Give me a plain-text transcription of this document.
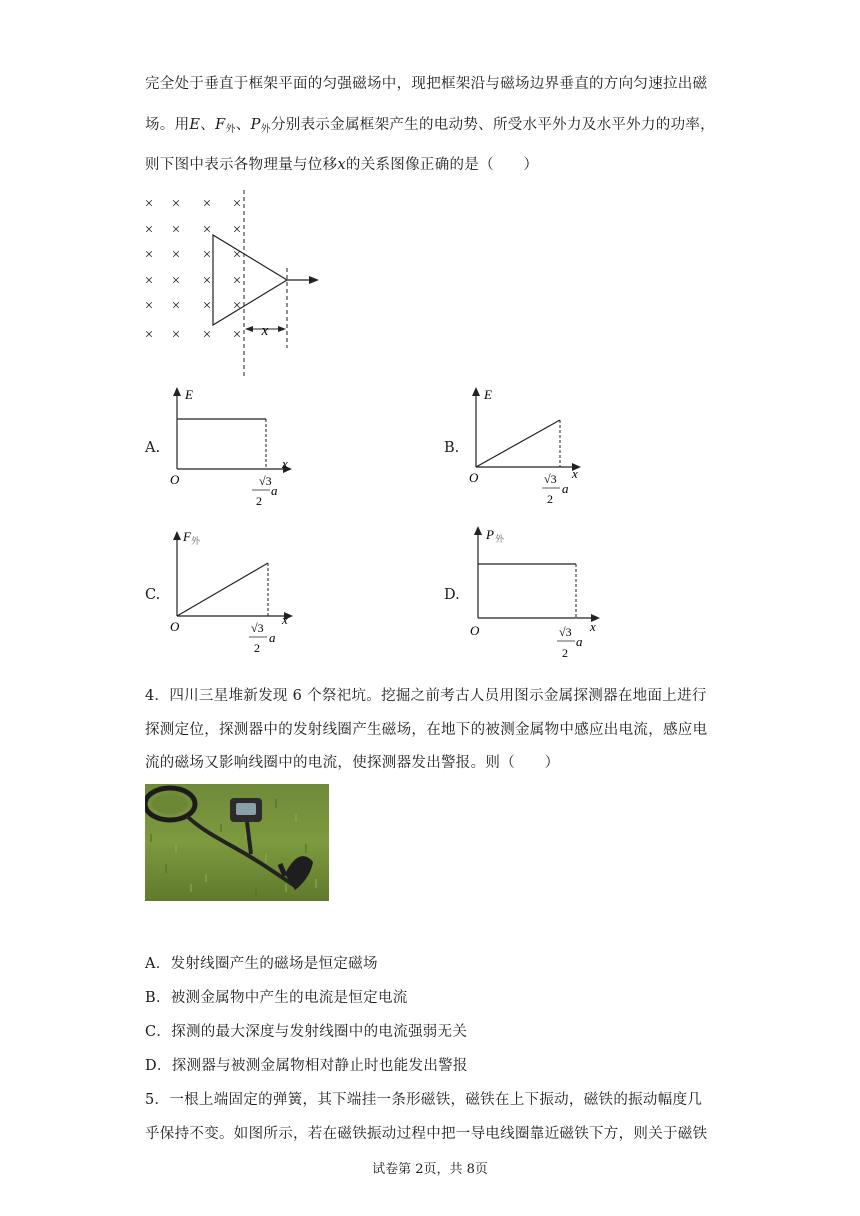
完全处于垂直于框架平面的匀强磁场中，现把框架沿与磁场边界垂直的方向匀速拉出磁
场。用E、$F_外$、$P_外$分别表示金属框架产生的电动势、所受水平外力及水平外力的功率，
则下图中表示各物理量与位移x的关系图像正确的是（　　）
× × × ×
× × × ×
× × × ×
× × × ×
× × × ×
× × × × x
A.
E
O
x
√3
2
a
B.
E
O	x
√3
2
a
C.
F 外
O	x
√3
2
a
D.
P 外
O	x
√3
2
a
4．四川三星堆新发现 6 个祭祀坑。挖掘之前考古人员用图示金属探测器在地面上进行
探测定位，探测器中的发射线圈产生磁场，在地下的被测金属物中感应出电流，感应电
流的磁场又影响线圈中的电流，使探测器发出警报。则（　　）
A．发射线圈产生的磁场是恒定磁场
B．被测金属物中产生的电流是恒定电流
C．探测的最大深度与发射线圈中的电流强弱无关
D．探测器与被测金属物相对静止时也能发出警报
5．一根上端固定的弹簧，其下端挂一条形磁铁，磁铁在上下振动，磁铁的振动幅度几
乎保持不变。如图所示，若在磁铁振动过程中把一导电线圈靠近磁铁下方，则关于磁铁
试卷第 2页，共 8页
